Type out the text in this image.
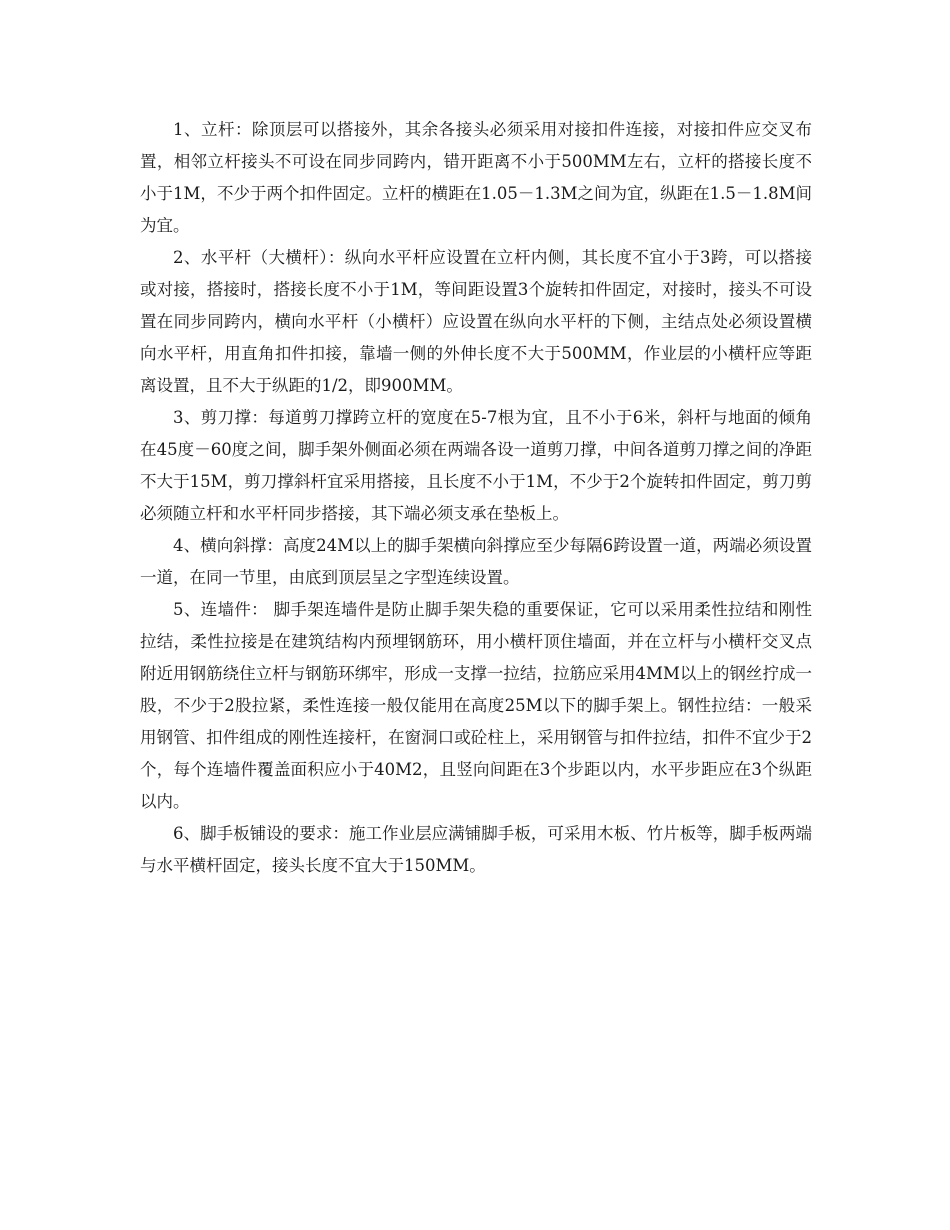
1、立杆：除顶层可以搭接外，其余各接头必须采用对接扣件连接，对接扣件应交叉布置，相邻立杆接头不可设在同步同跨内，错开距离不小于500MM左右，立杆的搭接长度不小于1M，不少于两个扣件固定。立杆的横距在1.05－1.3M之间为宜，纵距在1.5－1.8M间为宜。

2、水平杆（大横杆）：纵向水平杆应设置在立杆内侧，其长度不宜小于3跨，可以搭接或对接，搭接时，搭接长度不小于1M，等间距设置3个旋转扣件固定，对接时，接头不可设置在同步同跨内，横向水平杆（小横杆）应设置在纵向水平杆的下侧，主结点处必须设置横向水平杆，用直角扣件扣接，靠墙一侧的外伸长度不大于500MM，作业层的小横杆应等距离设置，且不大于纵距的1/2，即900MM。

3、剪刀撑：每道剪刀撑跨立杆的宽度在5-7根为宜，且不小于6米，斜杆与地面的倾角在45度－60度之间，脚手架外侧面必须在两端各设一道剪刀撑，中间各道剪刀撑之间的净距不大于15M，剪刀撑斜杆宜采用搭接，且长度不小于1M，不少于2个旋转扣件固定，剪刀剪必须随立杆和水平杆同步搭接，其下端必须支承在垫板上。

4、横向斜撑：高度24M以上的脚手架横向斜撑应至少每隔6跨设置一道，两端必须设置一道，在同一节里，由底到顶层呈之字型连续设置。

5、连墙件： 脚手架连墙件是防止脚手架失稳的重要保证，它可以采用柔性拉结和刚性拉结，柔性拉接是在建筑结构内预埋钢筋环，用小横杆顶住墙面，并在立杆与小横杆交叉点附近用钢筋绕住立杆与钢筋环绑牢，形成一支撑一拉结，拉筋应采用4MM以上的钢丝拧成一股，不少于2股拉紧，柔性连接一般仅能用在高度25M以下的脚手架上。钢性拉结：一般采用钢管、扣件组成的刚性连接杆，在窗洞口或砼柱上，采用钢管与扣件拉结，扣件不宜少于2个，每个连墙件覆盖面积应小于40M2，且竖向间距在3个步距以内，水平步距应在3个纵距以内。

6、脚手板铺设的要求：施工作业层应满铺脚手板，可采用木板、竹片板等，脚手板两端与水平横杆固定，接头长度不宜大于150MM。
